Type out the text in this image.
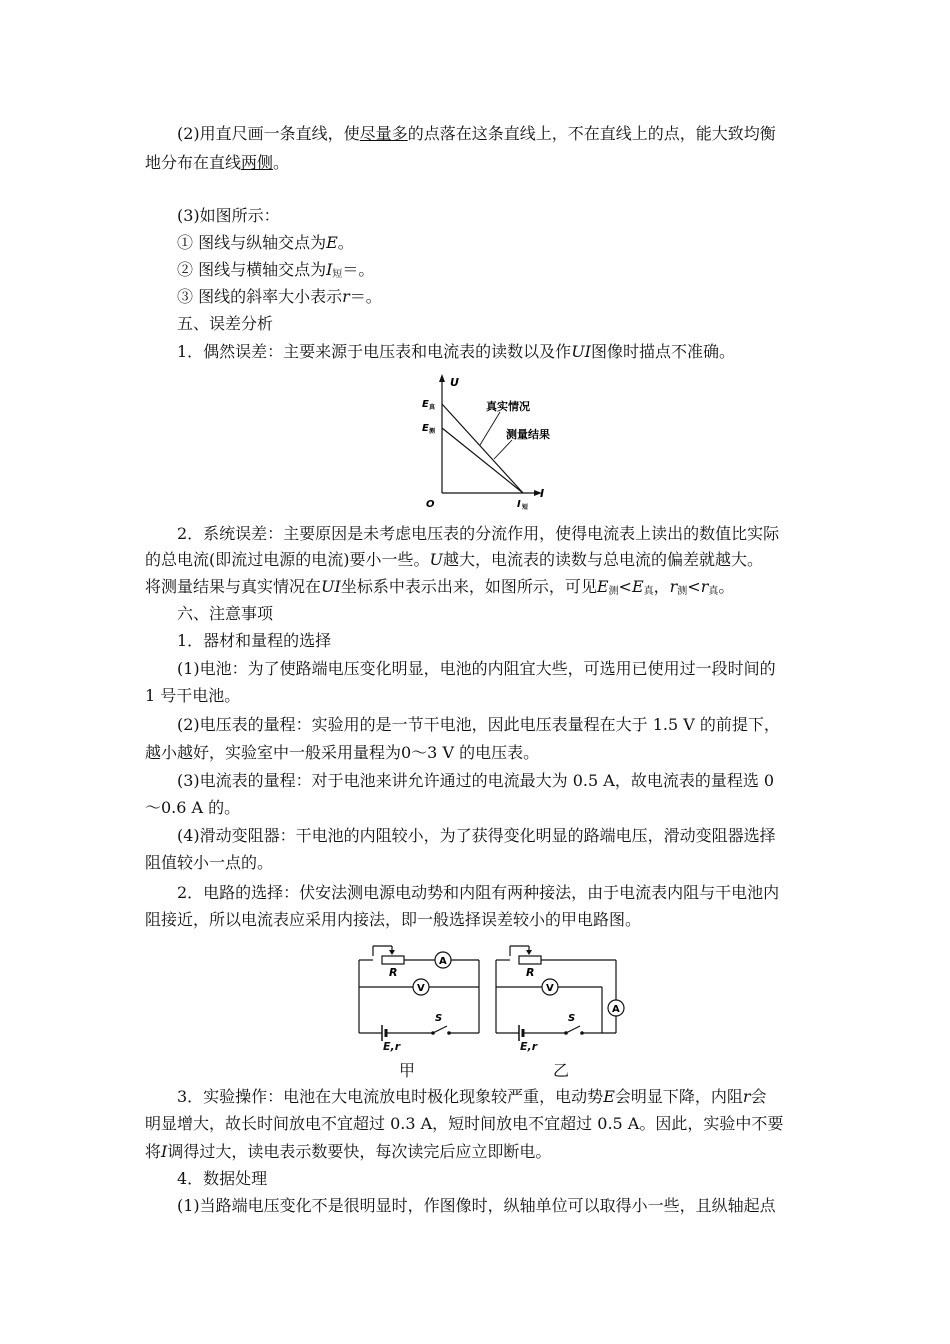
(2)用直尺画一条直线，使尽量多的点落在这条直线上，不在直线上的点，能大致均衡
地分布在直线两侧。
(3)如图所示：
① 图线与纵轴交点为E。
② 图线与横轴交点为$I_短=$。
③ 图线的斜率大小表示r＝。
五、误差分析
1．偶然误差：主要来源于电压表和电流表的读数以及作UI图像时描点不准确。
U
E 真
E 测
O
I
I 短
真实情况
测量结果
2．系统误差：主要原因是未考虑电压表的分流作用，使得电流表上读出的数值比实际
的总电流(即流过电源的电流)要小一些。U越大，电流表的读数与总电流的偏差就越大。
将测量结果与真实情况在UI坐标系中表示出来，如图所示，可见$E_测<E_真$，$r_测<r_真$。
六、注意事项
1．器材和量程的选择
(1)电池：为了使路端电压变化明显，电池的内阻宜大些，可选用已使用过一段时间的
1 号干电池。
(2)电压表的量程：实验用的是一节干电池，因此电压表量程在大于 1.5 V 的前提下，
越小越好，实验室中一般采用量程为0～3 V 的电压表。
(3)电流表的量程：对于电池来讲允许通过的电流最大为 0.5 A，故电流表的量程选 0
～0.6 A 的。
(4)滑动变阻器：干电池的内阻较小，为了获得变化明显的路端电压，滑动变阻器选择
阻值较小一点的。
2．电路的选择：伏安法测电源电动势和内阻有两种接法，由于电流表内阻与干电池内
阻接近，所以电流表应采用内接法，即一般选择误差较小的甲电路图。
R
A
V
S
E,r
R
A
V
S
E,r
甲	乙
3．实验操作：电池在大电流放电时极化现象较严重，电动势E会明显下降，内阻r会
明显增大，故长时间放电不宜超过 0.3 A，短时间放电不宜超过 0.5 A。因此，实验中不要
将I调得过大，读电表示数要快，每次读完后应立即断电。
4．数据处理
(1)当路端电压变化不是很明显时，作图像时，纵轴单位可以取得小一些，且纵轴起点
